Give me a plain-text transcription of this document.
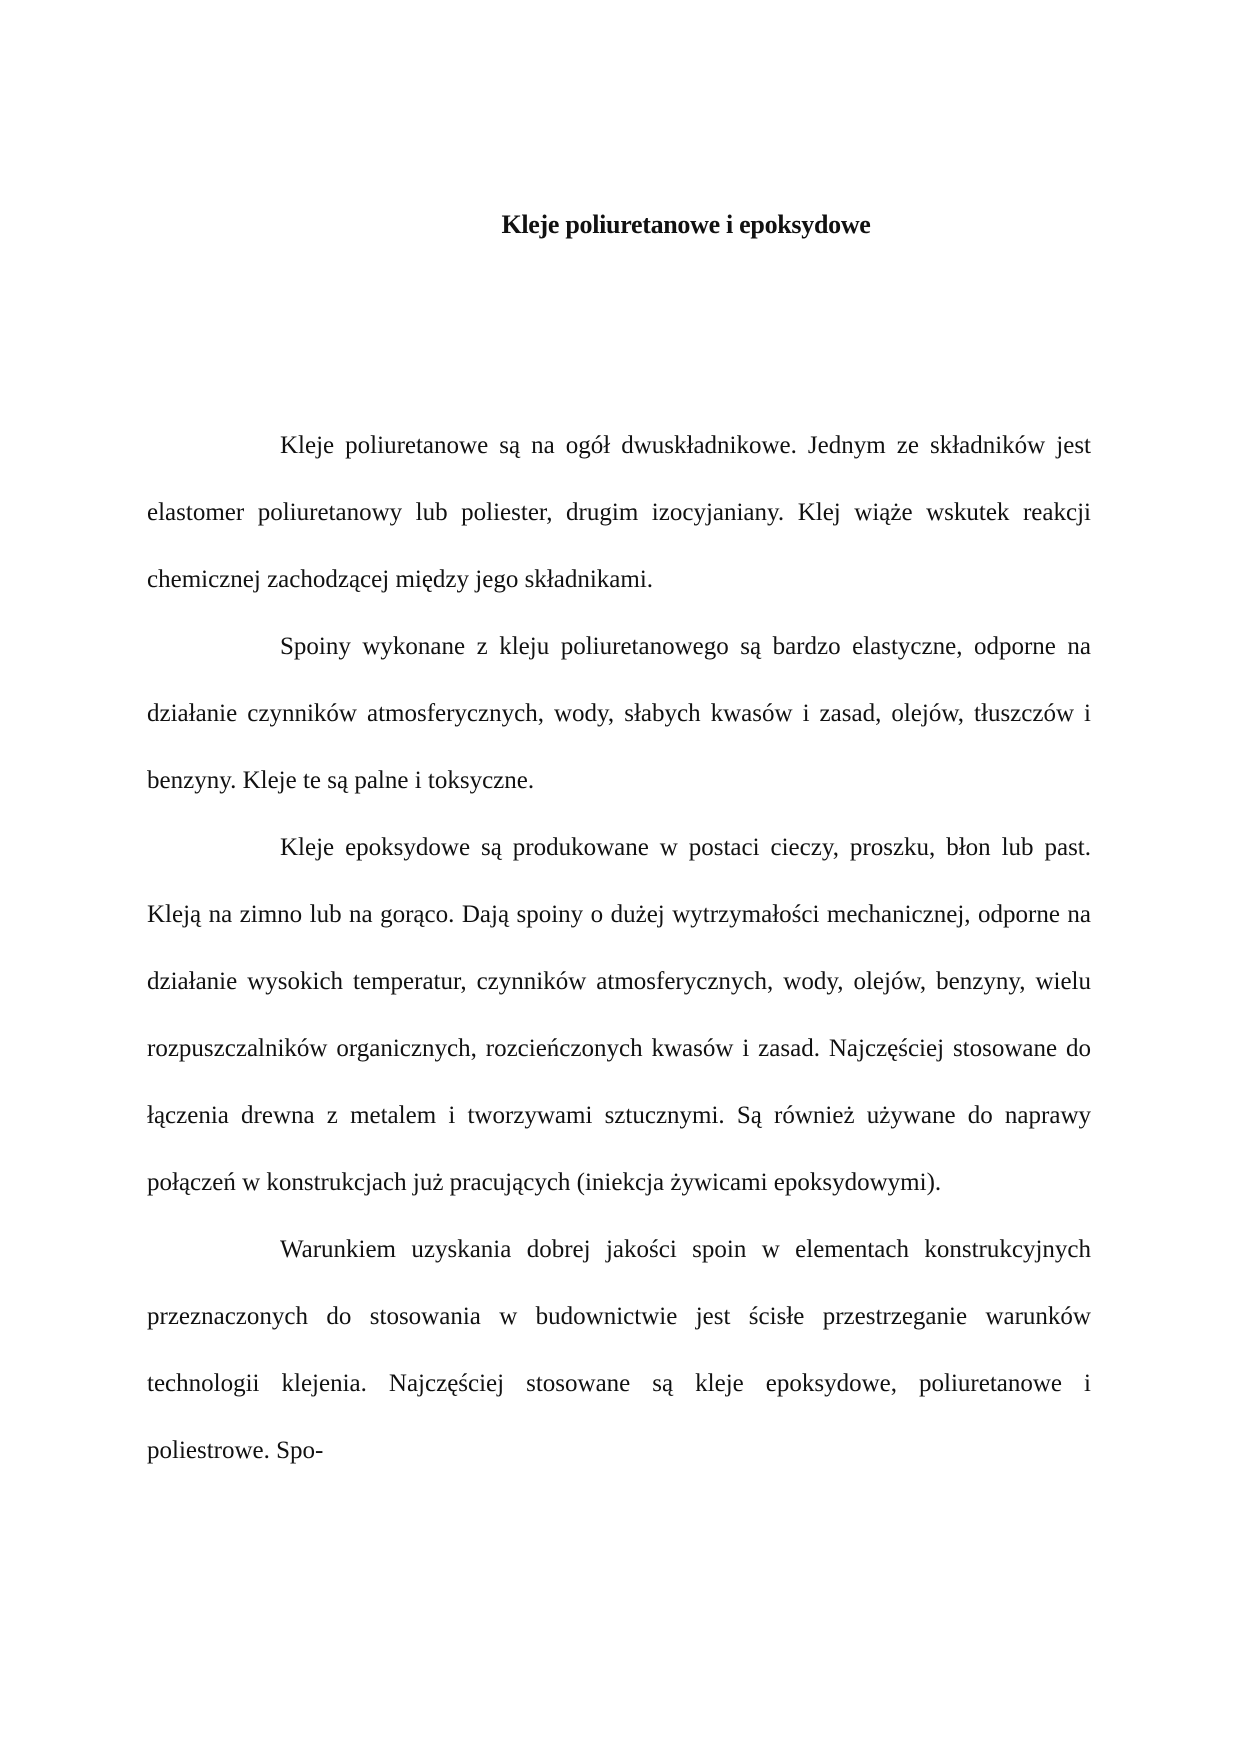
Kleje poliuretanowe i epoksydowe

Kleje poliuretanowe są na ogół dwuskładnikowe. Jednym ze składników jest elastomer poliuretanowy lub poliester, drugim izocyjaniany. Klej wiąże wskutek reakcji chemicznej zachodzącej między jego składnikami.

Spoiny wykonane z kleju poliuretanowego są bardzo elastyczne, odporne na działanie czynników atmosferycznych, wody, słabych kwasów i zasad, olejów, tłuszczów i benzyny. Kleje te są palne i toksyczne.

Kleje epoksydowe są produkowane w postaci cieczy, proszku, błon lub past. Kleją na zimno lub na gorąco. Dają spoiny o dużej wytrzymałości mechanicznej, odporne na działanie wysokich temperatur, czynników atmosferycznych, wody, olejów, benzyny, wielu rozpuszczalników organicznych, rozcieńczonych kwasów i zasad. Najczęściej stosowane do łączenia drewna z metalem i tworzywami sztucznymi. Są również używane do naprawy połączeń w konstrukcjach już pracujących (iniekcja żywicami epoksydowymi).

Warunkiem uzyskania dobrej jakości spoin w elementach konstrukcyjnych przeznaczonych do stosowania w budownictwie jest ścisłe przestrzeganie warunków technologii klejenia. Najczęściej stosowane są kleje epoksydowe, poliuretanowe i poliestrowe. Spo-
